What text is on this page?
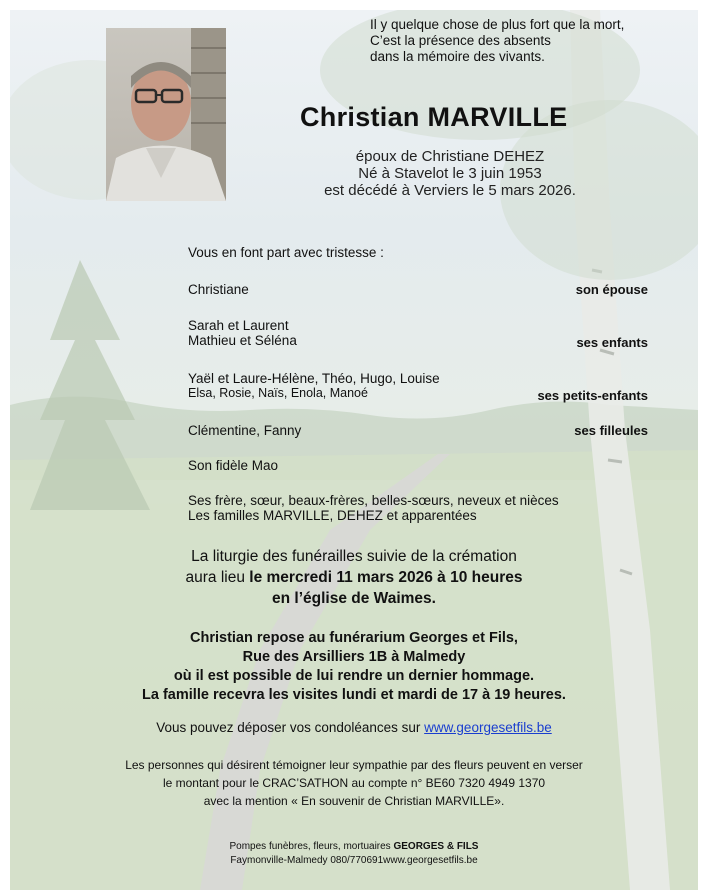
Il y quelque chose de plus fort que la mort,
C’est la présence des absents
dans la mémoire des vivants.
Christian MARVILLE
époux de Christiane DEHEZ
Né à Stavelot le 3 juin 1953
est décédé à Verviers le 5 mars 2026.
Vous en font part avec tristesse :
Christiane	son épouse
Sarah et Laurent
Mathieu et Séléna	ses enfants
Yaël et Laure-Hélène, Théo, Hugo, Louise
Elsa, Rosie, Naïs, Enola, Manoé	ses petits-enfants
Clémentine, Fanny	ses filleules
Son fidèle Mao
Ses frère, sœur, beaux-frères, belles-sœurs, neveux et nièces
Les familles MARVILLE, DEHEZ et apparentées
La liturgie des funérailles suivie de la crémation
aura lieu le mercredi 11 mars 2026 à 10 heures
en l’église de Waimes.
Christian repose au funérarium Georges et Fils,
Rue des Arsilliers 1B à Malmedy
où il est possible de lui rendre un dernier hommage.
La famille recevra les visites lundi et mardi de 17 à 19 heures.
Vous pouvez déposer vos condoléances sur www.georgesetfils.be
Les personnes qui désirent témoigner leur sympathie par des fleurs peuvent en verser
le montant pour le CRAC’SATHON au compte n° BE60 7320 4949 1370
avec la mention « En souvenir de Christian MARVILLE».
Pompes funèbres, fleurs, mortuaires GEORGES & FILS
Faymonville-Malmedy 080/770691www.georgesetfils.be
